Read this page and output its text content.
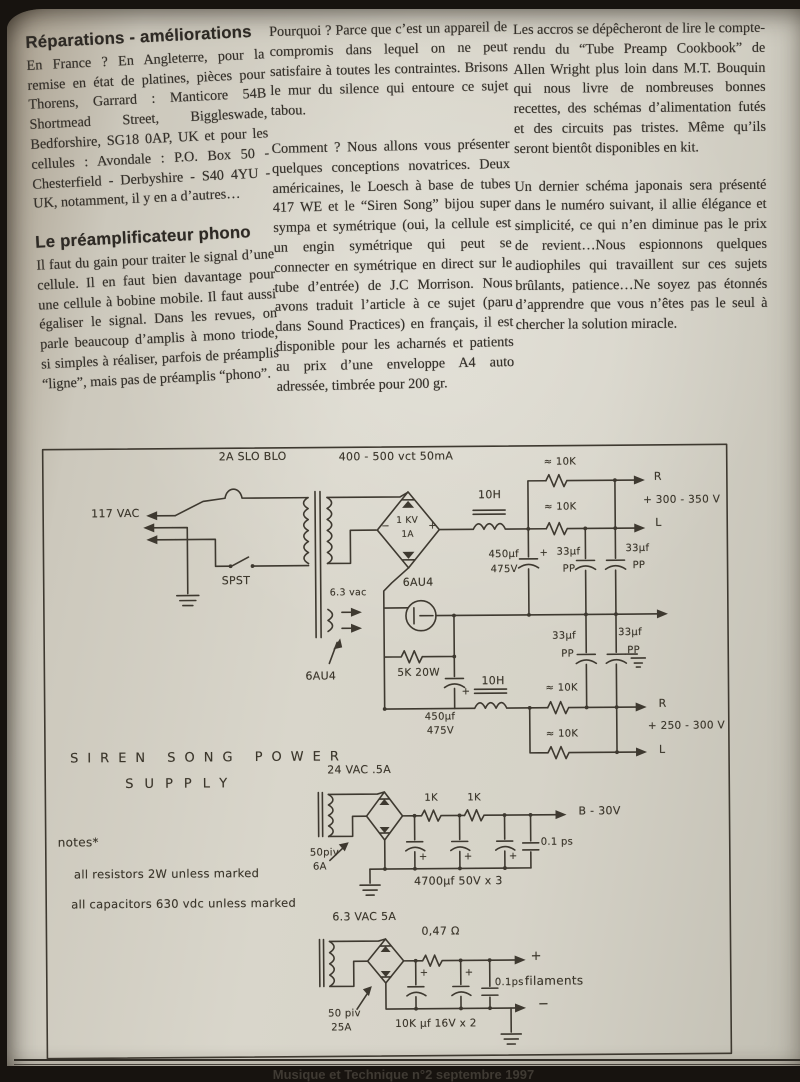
Réparations - améliorations

En France ? En Angleterre, pour la remise en état de platines, pièces pour Thorens, Garrard : Manticore 54B Shortmead Street, Biggleswade, Bedforshire, SG18 0AP, UK et pour les cellules : Avondale : P.O. Box 50 - Chesterfield - Derbyshire - S40 4YU - UK, notamment, il y en a d’autres…

Le préamplificateur phono

Il faut du gain pour traiter le signal d’une cellule. Il en faut bien davantage pour une cellule à bobine mobile. Il faut aussi égaliser le signal. Dans les revues, on parle beaucoup d’amplis à mono triode, si simples à réaliser, parfois de préamplis “ligne”, mais pas de préamplis “phono”.

Pourquoi ? Parce que c’est un appareil de compromis dans lequel on ne peut satisfaire à toutes les contraintes. Brisons le mur du silence qui entoure ce sujet tabou.

Comment ? Nous allons vous présenter quelques conceptions novatrices. Deux américaines, le Loesch à base de tubes 417 WE et le “Siren Song” bijou super sympa et symétrique (oui, la cellule est un engin symétrique qui peut se connecter en symétrique en direct sur le tube d’entrée) de J.C Morrison. Nous avons traduit l’article à ce sujet (paru dans Sound Practices) en français, il est disponible pour les acharnés et patients au prix d’une enveloppe A4 auto adressée, timbrée pour 200 gr.

Les accros se dépêcheront de lire le compte-rendu du “Tube Preamp Cookbook” de Allen Wright plus loin dans M.T. Bouquin qui nous livre de nombreuses bonnes recettes, des schémas d’alimentation futés et des circuits pas tristes. Même qu’ils seront bientôt disponibles en kit.

Un dernier schéma japonais sera présenté dans le numéro suivant, il allie élégance et simplicité, ce qui n’en diminue pas le prix de revient…Nous espionnons quelques audiophiles qui travaillent sur ces sujets brûlants, patience…Ne soyez pas étonnés d’apprendre que vous n’êtes pas le seul à chercher la solution miracle.

2A SLO BLO	400 - 500 vct 50mA
117 VAC
SPST
6.3 vac
6AU4
6AU4
1 KV
1A
−	+
10H
≈ 10K
≈ 10K
R
+ 300 - 350 V
L
450µf
475V
+ 33µf
PP
33µf
PP
5K 20W
450µf
475V
+
10H
≈ 10K
R
+ 250 - 300 V
≈ 10K
L
33µf
PP
33µf
PP
SIREN SONG POWER
SUPPLY
notes*
all resistors 2W unless marked
all capacitors 630 vdc unless marked
24 VAC .5A
50piv
6A
1K	1K
B - 30V
+	+	+
0.1 ps
4700µf 50V x 3
6.3 VAC 5A
0,47 Ω
+
+	+
0.1ps filaments
−
50 piv
25A	10K µf 16V x 2
Musique et Technique n°2 septembre 1997
